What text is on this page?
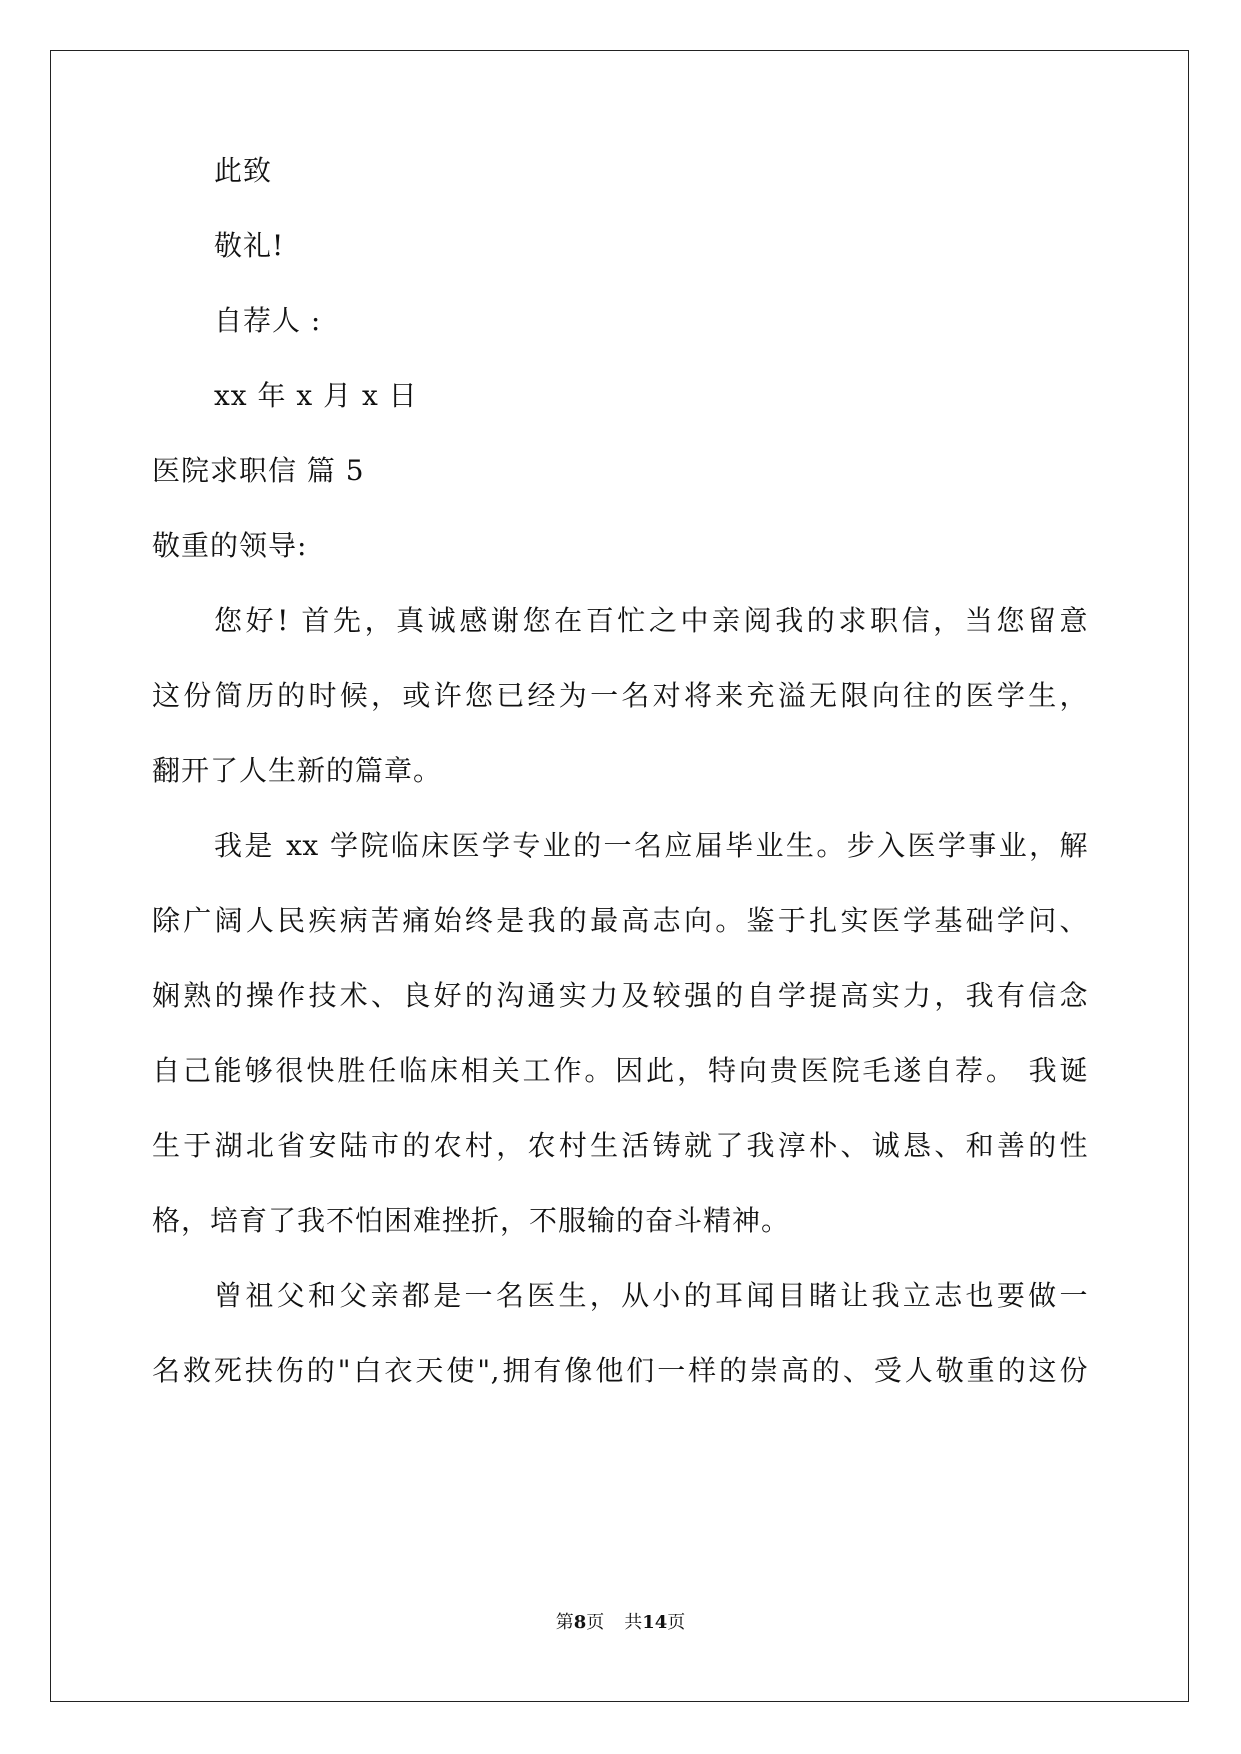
此致
敬礼!
自荐人 :
xx 年 x 月 x 日
医院求职信 篇 5
敬重的领导:
您好! 首先，真诚感谢您在百忙之中亲阅我的求职信，当您留意
这份简历的时候，或许您已经为一名对将来充溢无限向往的医学生，
翻开了人生新的篇章。
我是 xx 学院临床医学专业的一名应届毕业生。步入医学事业，解
除广阔人民疾病苦痛始终是我的最高志向。鉴于扎实医学基础学问、
娴熟的操作技术、良好的沟通实力及较强的自学提高实力，我有信念
自己能够很快胜任临床相关工作。因此，特向贵医院毛遂自荐。 我诞
生于湖北省安陆市的农村，农村生活铸就了我淳朴、诚恳、和善的性
格，培育了我不怕困难挫折，不服输的奋斗精神。
曾祖父和父亲都是一名医生，从小的耳闻目睹让我立志也要做一
名救死扶伤的"白衣天使",拥有像他们一样的崇高的、受人敬重的这份
第8页 共14页
